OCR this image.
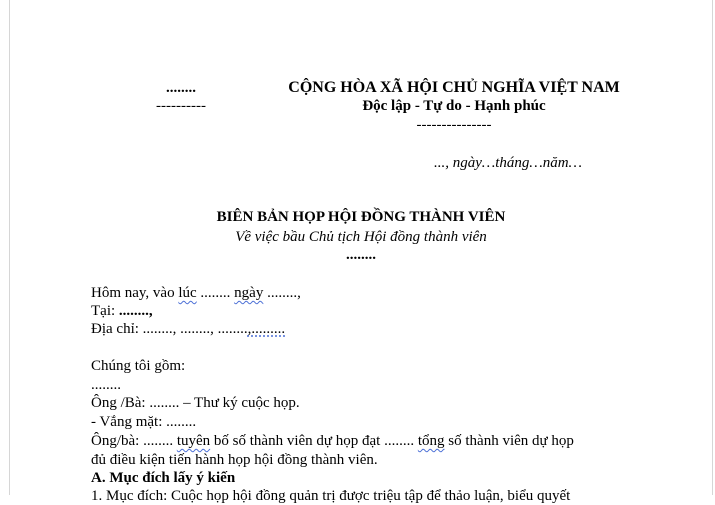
........
----------
CỘNG HÒA XÃ HỘI CHỦ NGHĨA VIỆT NAM
Độc lập - Tự do - Hạnh phúc
---------------
..., ngày…tháng…năm…
BIÊN BẢN HỌP HỘI ĐỒNG THÀNH VIÊN
Về việc bầu Chủ tịch Hội đồng thành viên
........
Hôm nay, vào lúc ........ ngày ........,
Tại: ........,
Địa chỉ: ........, ........, ........,.........
Chúng tôi gồm:
........
Ông /Bà: ........ – Thư ký cuộc họp.
- Vắng mặt: ........
Ông/bà: ........ tuyên bố số thành viên dự họp đạt ........ tổng số thành viên dự họp
đủ điều kiện tiến hành họp hội đồng thành viên.
A. Mục đích lấy ý kiến
1. Mục đích: Cuộc họp hội đồng quản trị được triệu tập để thảo luận, biểu quyết
